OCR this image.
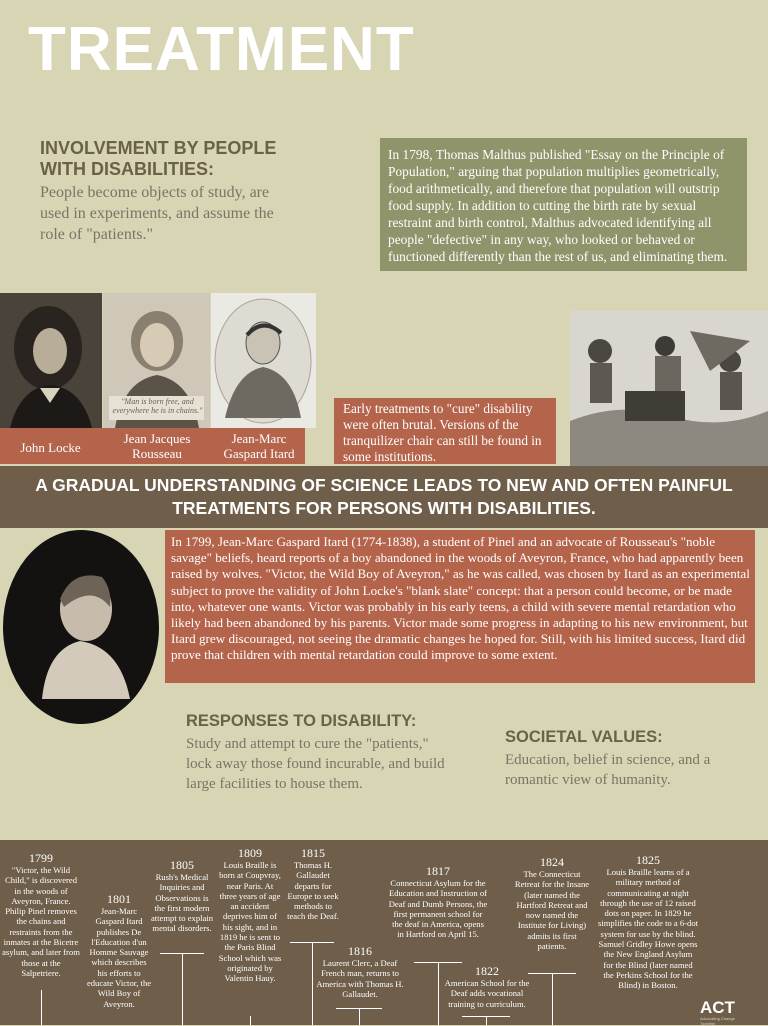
TREATMENT
INVOLVEMENT BY PEOPLE WITH DISABILITIES:
People become objects of study, are used in experiments, and assume the role of "patients."
In 1798, Thomas Malthus published "Essay on the Principle of Population," arguing that population multiplies geometrically, food arithmetically, and therefore that population will outstrip food supply. In addition to cutting the birth rate by sexual restraint and birth control, Malthus advocated identifying all people "defective" in any way, who looked or behaved or functioned differently than the rest of us, and eliminating them.
"Man is born free, and everywhere he is in chains."
John Locke
Jean Jacques Rousseau
Jean-Marc Gaspard Itard
Early treatments to "cure" disability were often brutal. Versions of the tranquilizer chair can still be found in some institutions.
A GRADUAL UNDERSTANDING OF SCIENCE LEADS TO NEW AND OFTEN PAINFUL TREATMENTS FOR PERSONS WITH DISABILITIES.
In 1799, Jean-Marc Gaspard Itard (1774-1838), a student of Pinel and an advocate of Rousseau's "noble savage" beliefs, heard reports of a boy abandoned in the woods of Aveyron, France, who had apparently been raised by wolves. "Victor, the Wild Boy of Aveyron," as he was called, was chosen by Itard as an experimental subject to prove the validity of John Locke's "blank slate" concept: that a person could become, or be made into, whatever one wants. Victor was probably in his early teens, a child with severe mental retardation who likely had been abandoned by his parents. Victor made some progress in adapting to his new environment, but Itard grew discouraged, not seeing the dramatic changes he hoped for. Still, with his limited success, Itard did prove that children with mental retardation could improve to some extent.
RESPONSES TO DISABILITY:
Study and attempt to cure the "patients," lock away those found incurable, and build large facilities to house them.
SOCIETAL VALUES:
Education, belief in science, and a romantic view of humanity.
1799
"Victor, the Wild Child," is discovered in the woods of Aveyron, France. Philip Pinel removes the chains and restraints from the inmates at the Bicetre asylum, and later from those at the Salpetriere.
1801
Jean-Marc Gaspard Itard publishes De l'Education d'un Homme Sauvage which describes his efforts to educate Victor, the Wild Boy of Aveyron.
1805
Rush's Medical Inquiries and Observations is the first modern attempt to explain mental disorders.
1809
Louis Braille is born at Coupvray, near Paris. At three years of age an accident deprives him of his sight, and in 1819 he is sent to the Paris Blind School which was originated by Valentin Hauy.
1815
Thomas H. Gallaudet departs for Europe to seek methods to teach the Deaf.
1816
Laurent Clerc, a Deaf French man, returns to America with Thomas H. Gallaudet.
1817
Connecticut Asylum for the Education and Instruction of Deaf and Dumb Persons, the first permanent school for the deaf in America, opens in Hartford on April 15.
1822
American School for the Deaf adds vocational training to curriculum.
1824
The Connecticut Retreat for the Insane (later named the Hartford Retreat and now named the Institute for Living) admits its first patients.
1825
Louis Braille learns of a military method of communicating at night through the use of 12 raised dots on paper. In 1829 he simplifies the code to a 6-dot system for use by the blind. Samuel Gridley Howe opens the New England Asylum for the Blind (later named the Perkins School for the Blind) in Boston.
ACT
Advocating Change Together
